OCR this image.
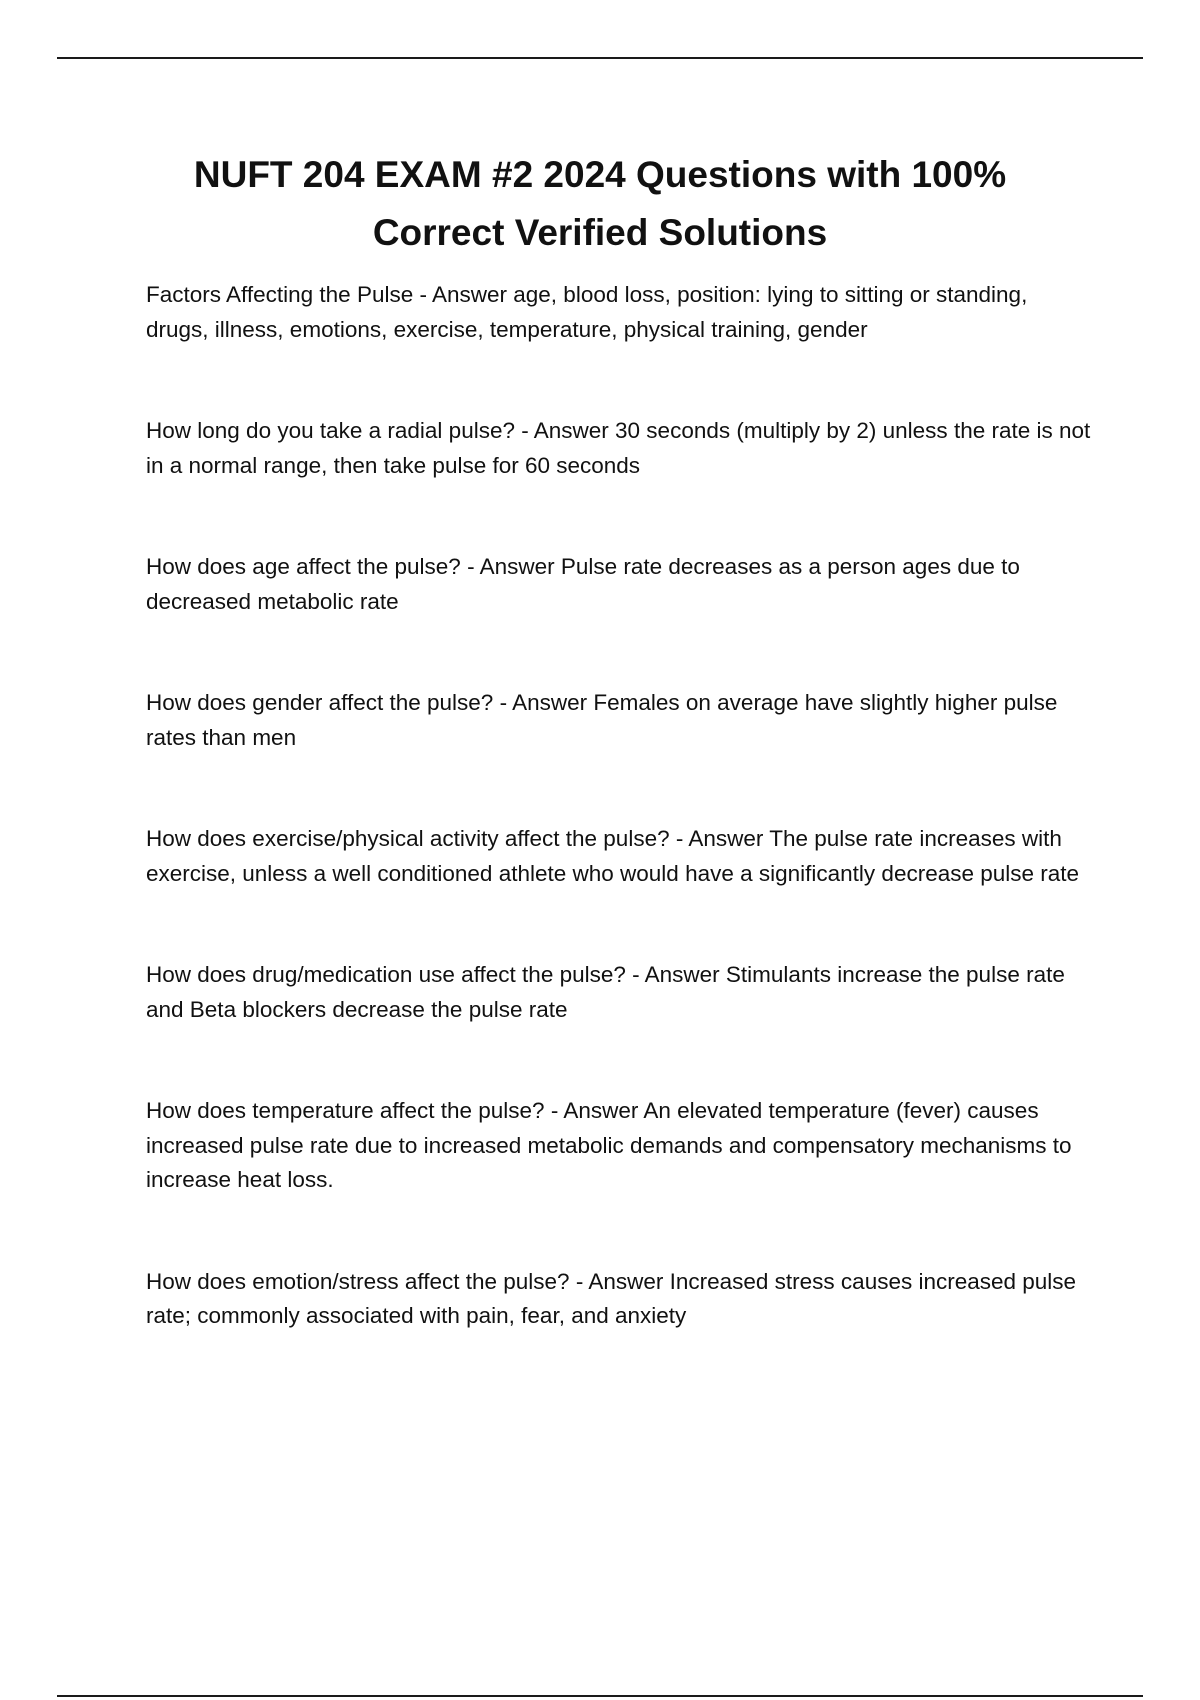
NUFT 204 EXAM #2 2024 Questions with 100%
Correct Verified Solutions

Factors Affecting the Pulse - Answer age, blood loss, position: lying to sitting or standing, drugs, illness, emotions, exercise, temperature, physical training, gender

How long do you take a radial pulse? - Answer 30 seconds (multiply by 2) unless the rate is not in a normal range, then take pulse for 60 seconds

How does age affect the pulse? - Answer Pulse rate decreases as a person ages due to decreased metabolic rate

How does gender affect the pulse? - Answer Females on average have slightly higher pulse rates than men

How does exercise/physical activity affect the pulse? - Answer The pulse rate increases with exercise, unless a well conditioned athlete who would have a significantly decrease pulse rate

How does drug/medication use affect the pulse? - Answer Stimulants increase the pulse rate and Beta blockers decrease the pulse rate

How does temperature affect the pulse? - Answer An elevated temperature (fever) causes increased pulse rate due to increased metabolic demands and compensatory mechanisms to increase heat loss.

How does emotion/stress affect the pulse? - Answer Increased stress causes increased pulse rate; commonly associated with pain, fear, and anxiety
